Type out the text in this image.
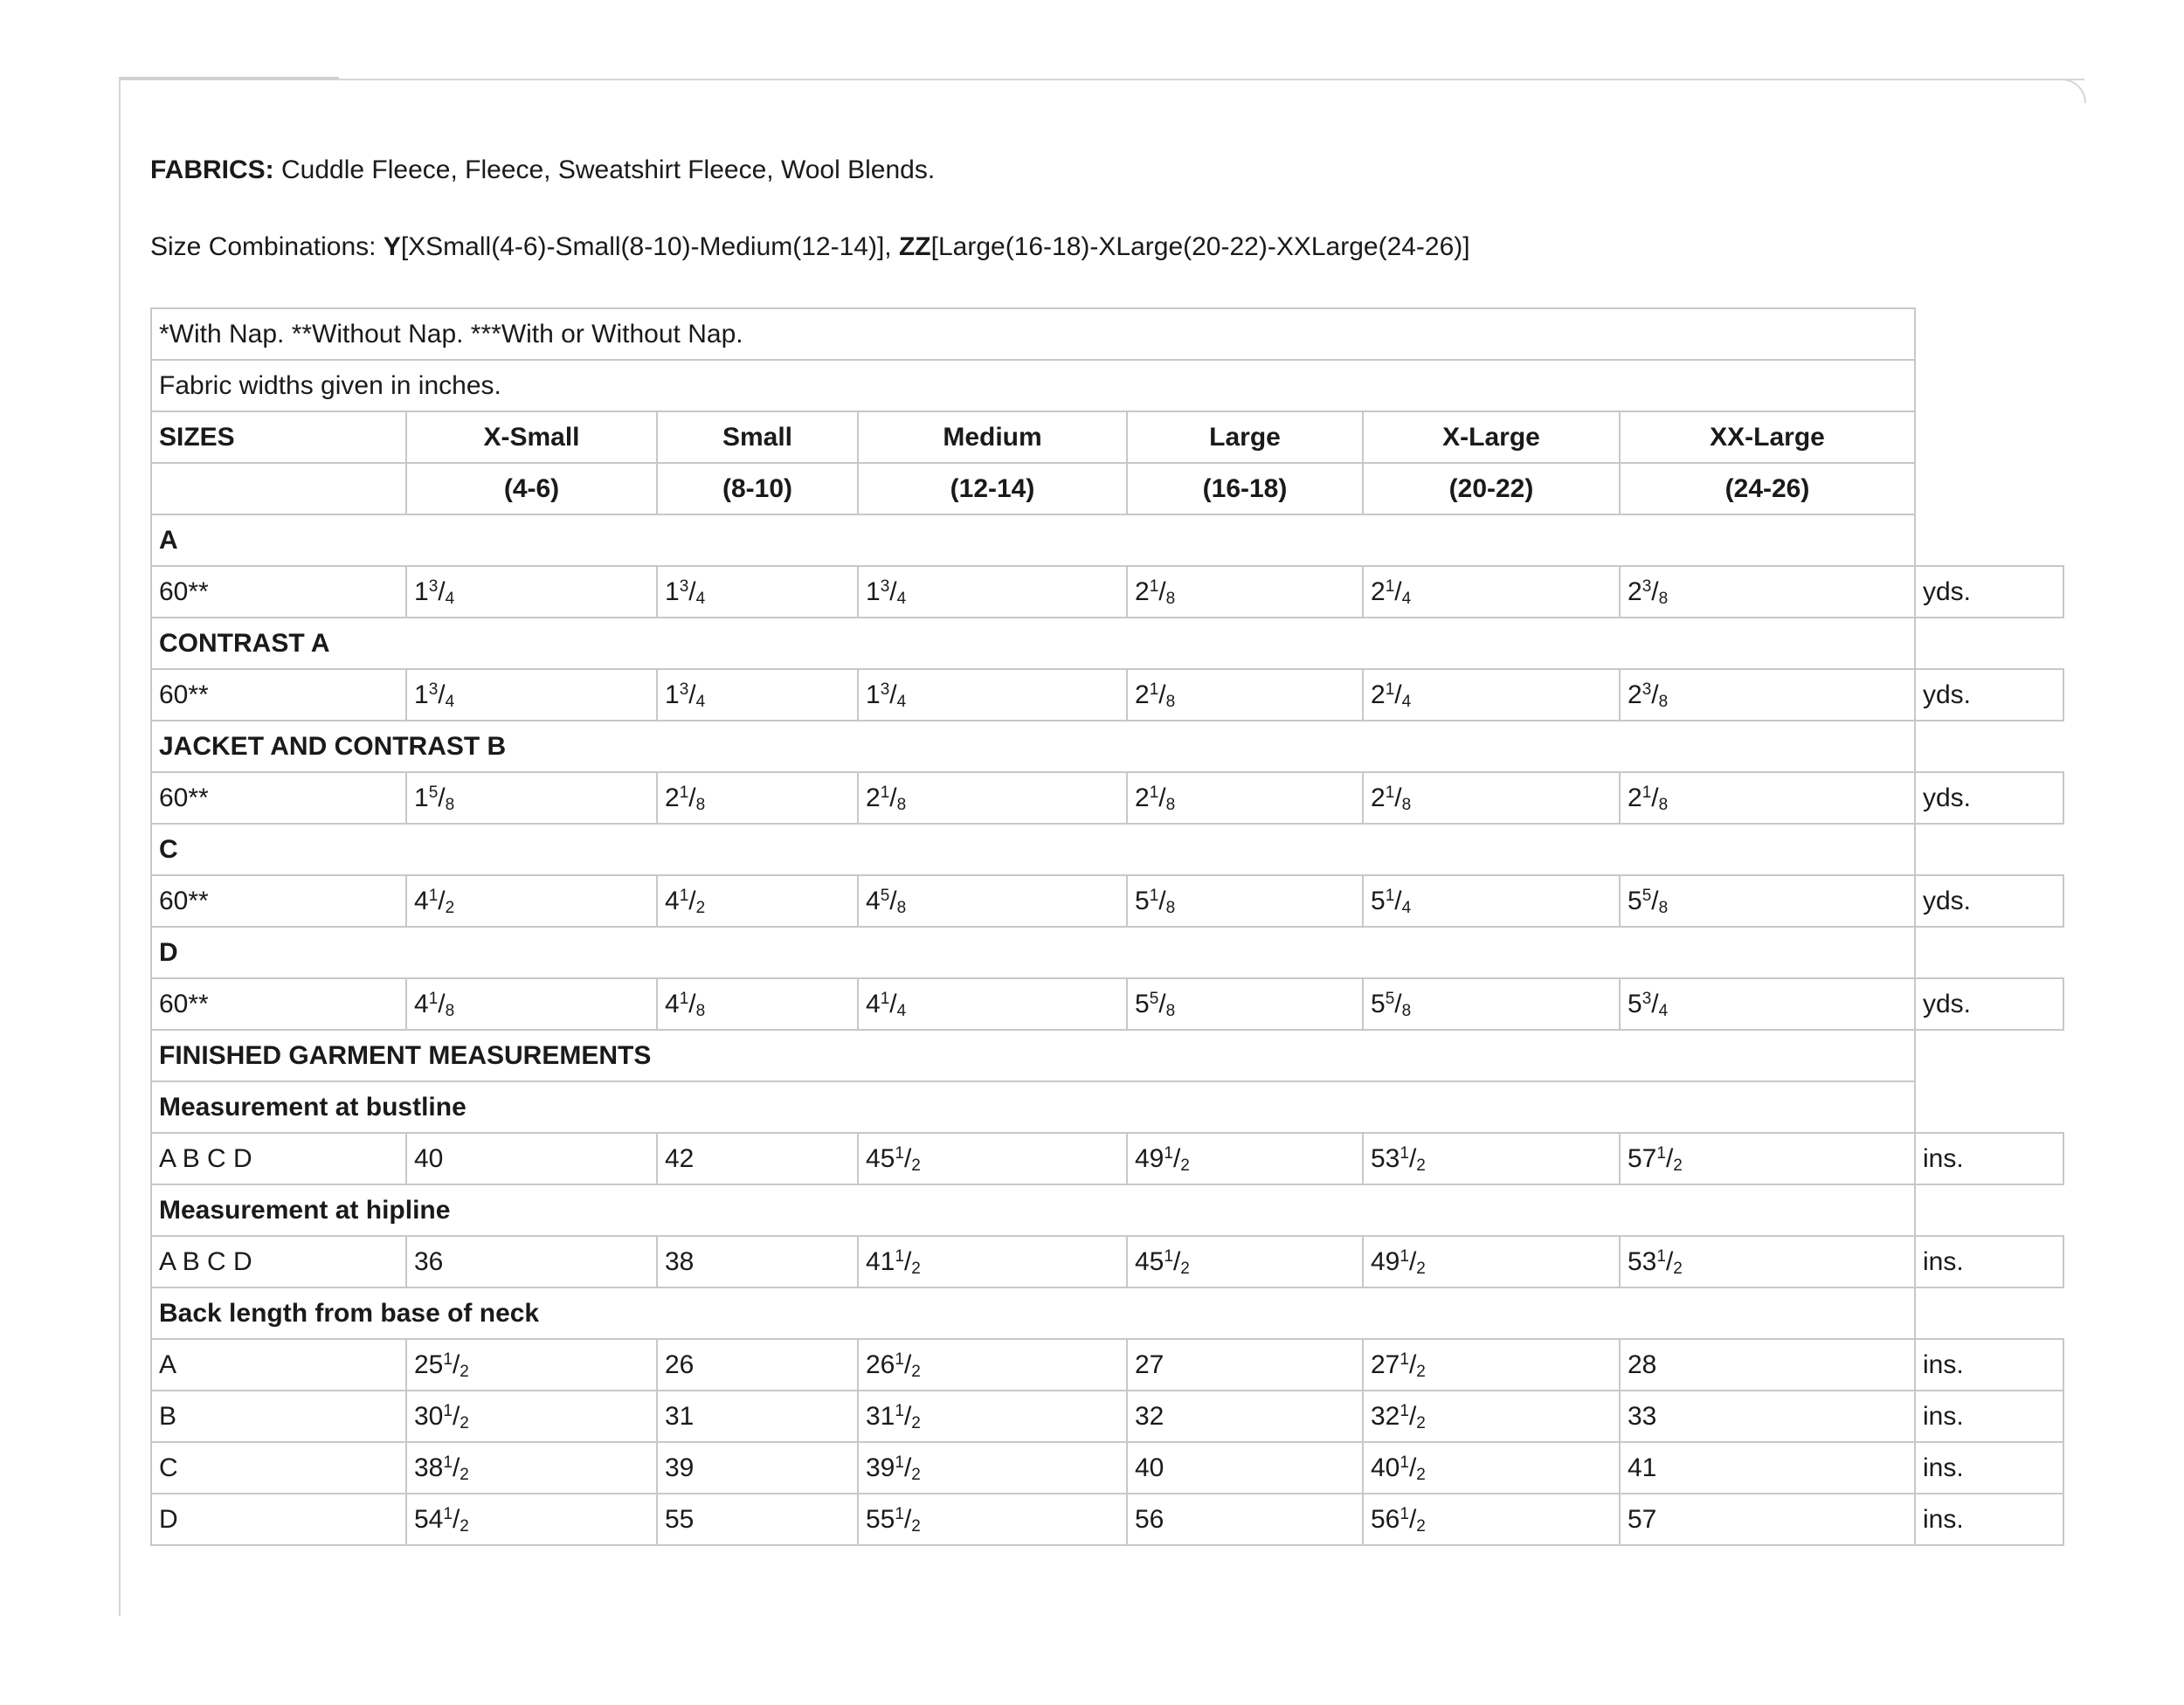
FABRICS: Cuddle Fleece, Fleece, Sweatshirt Fleece, Wool Blends.
Size Combinations: Y[XSmall(4-6)-Small(8-10)-Medium(12-14)], ZZ[Large(16-18)-XLarge(20-22)-XXLarge(24-26)]
*With Nap. **Without Nap. ***With or Without Nap.							
Fabric widths given in inches.							
SIZES	X-Small	Small	Medium	Large	X-Large	XX-Large	
	(4-6)	(8-10)	(12-14)	(16-18)	(20-22)	(24-26)	
A							
60**	$1^3/_4$	$1^3/_4$	$1^3/_4$	$2^1/_8$	$2^1/_4$	$2^3/_8$	yds.
CONTRAST A							
60**	$1^3/_4$	$1^3/_4$	$1^3/_4$	$2^1/_8$	$2^1/_4$	$2^3/_8$	yds.
JACKET AND CONTRAST B							
60**	$1^5/_8$	$2^1/_8$	$2^1/_8$	$2^1/_8$	$2^1/_8$	$2^1/_8$	yds.
C							
60**	$4^1/_2$	$4^1/_2$	$4^5/_8$	$5^1/_8$	$5^1/_4$	$5^5/_8$	yds.
D							
60**	$4^1/_8$	$4^1/_8$	$4^1/_4$	$5^5/_8$	$5^5/_8$	$5^3/_4$	yds.
FINISHED GARMENT MEASUREMENTS							
Measurement at bustline							
A B C D	40	42	$45^1/_2$	$49^1/_2$	$53^1/_2$	$57^1/_2$	ins.
Measurement at hipline							
A B C D	36	38	$41^1/_2$	$45^1/_2$	$49^1/_2$	$53^1/_2$	ins.
Back length from base of neck							
A	$25^1/_2$	26	$26^1/_2$	27	$27^1/_2$	28	ins.
B	$30^1/_2$	31	$31^1/_2$	32	$32^1/_2$	33	ins.
C	$38^1/_2$	39	$39^1/_2$	40	$40^1/_2$	41	ins.
D	$54^1/_2$	55	$55^1/_2$	56	$56^1/_2$	57	ins.
